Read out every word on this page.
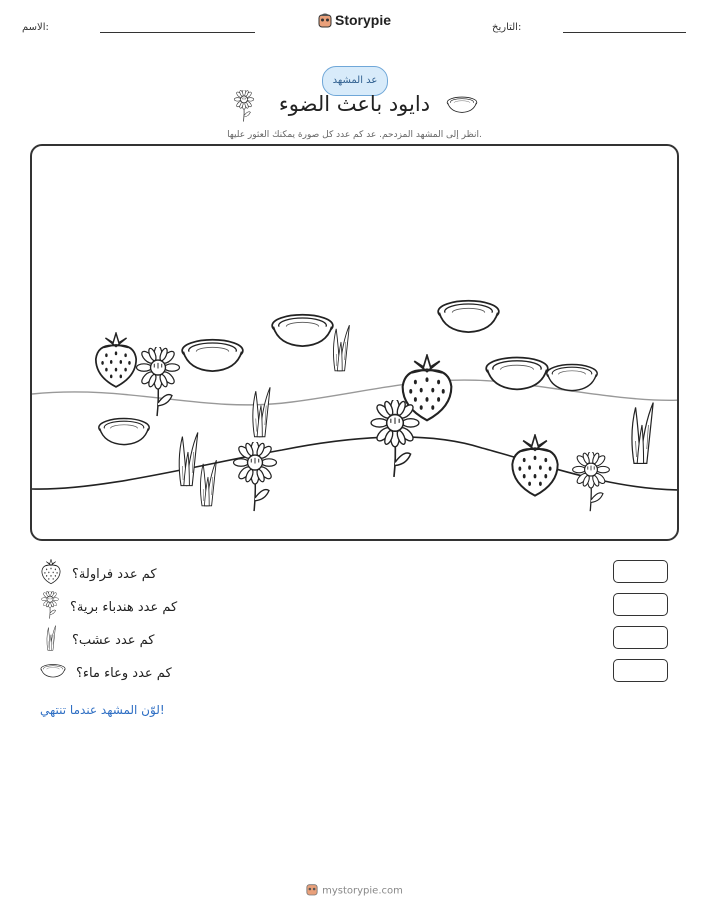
الاسم:	التاريخ:
Storypie
عد المشهد
دايود باعث الضوء
انظر إلى المشهد المزدحم. عد كم عدد كل صورة يمكنك العثور عليها.
كم عدد فراولة؟
كم عدد هندباء برية؟
كم عدد عشب؟
كم عدد وعاء ماء؟
لوّن المشهد عندما تنتهي!
mystorypie.com
